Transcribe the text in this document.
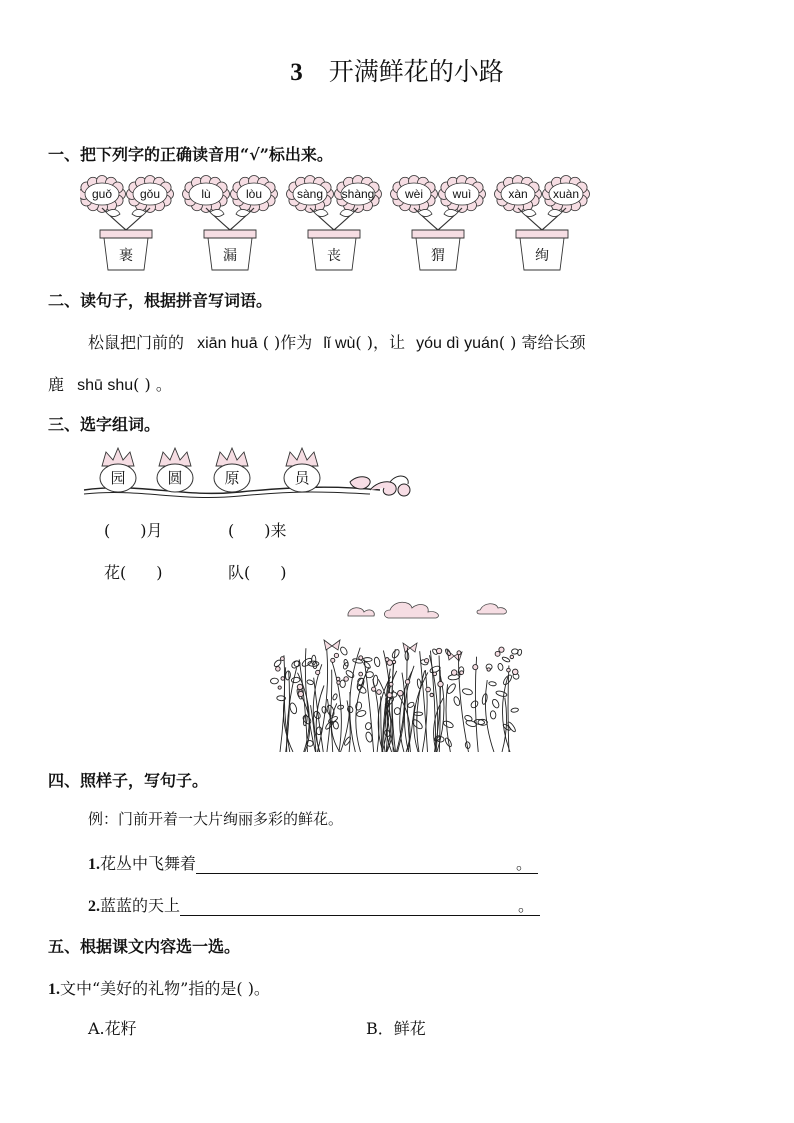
3 开满鲜花的小路
一、把下列字的正确读音用“√”标出来。
guǒ gǒu
裹
lù	lòu
漏
sàng shàng
丧
wèi wuì
猬
xàn xuàn
绚
二、读句子，根据拼音写词语。
松鼠把门前的 xiān huā ( )作为 lǐ wù( )，让 yóu dì yuán( ) 寄给长颈
鹿 shū shu( ) 。
三、选字组词。
园	圆	原	员
( )月	( )来
花( )	队( )
四、照样子，写句子。
例：门前开着一大片绚丽多彩的鲜花。
1.花丛中飞舞着	。
2.蓝蓝的天上	。
五、根据课文内容选一选。
1.文中“美好的礼物”指的是( )。
A.花籽	B．鲜花
